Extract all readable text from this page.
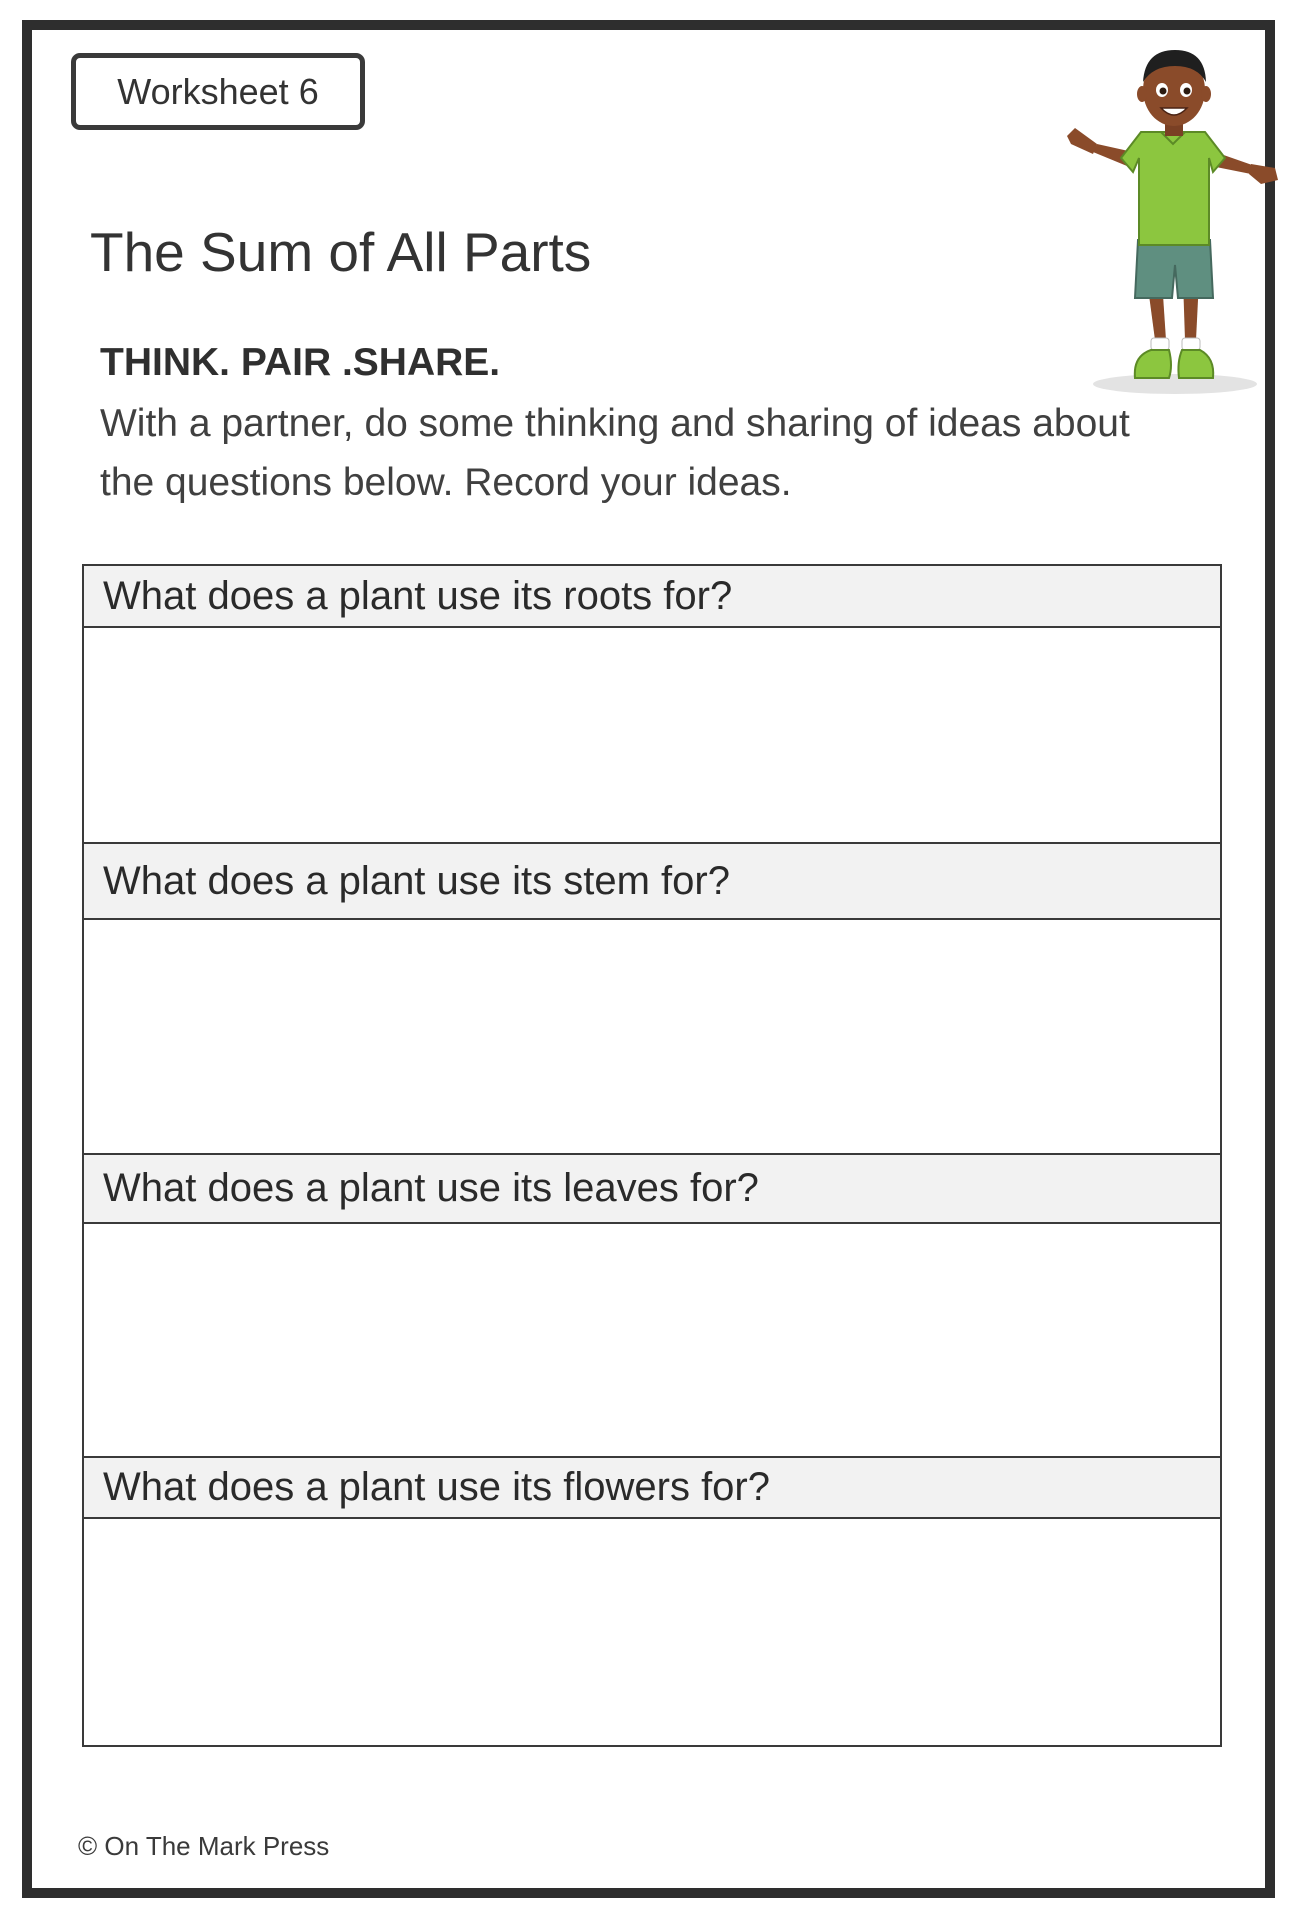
Worksheet 6
The Sum of All Parts
THINK. PAIR .SHARE.
With a partner, do some thinking and sharing of ideas about the questions below. Record your ideas.
What does a plant use its roots for?
What does a plant use its stem for?
What does a plant use its leaves for?
What does a plant use its flowers for?
© On The Mark Press
